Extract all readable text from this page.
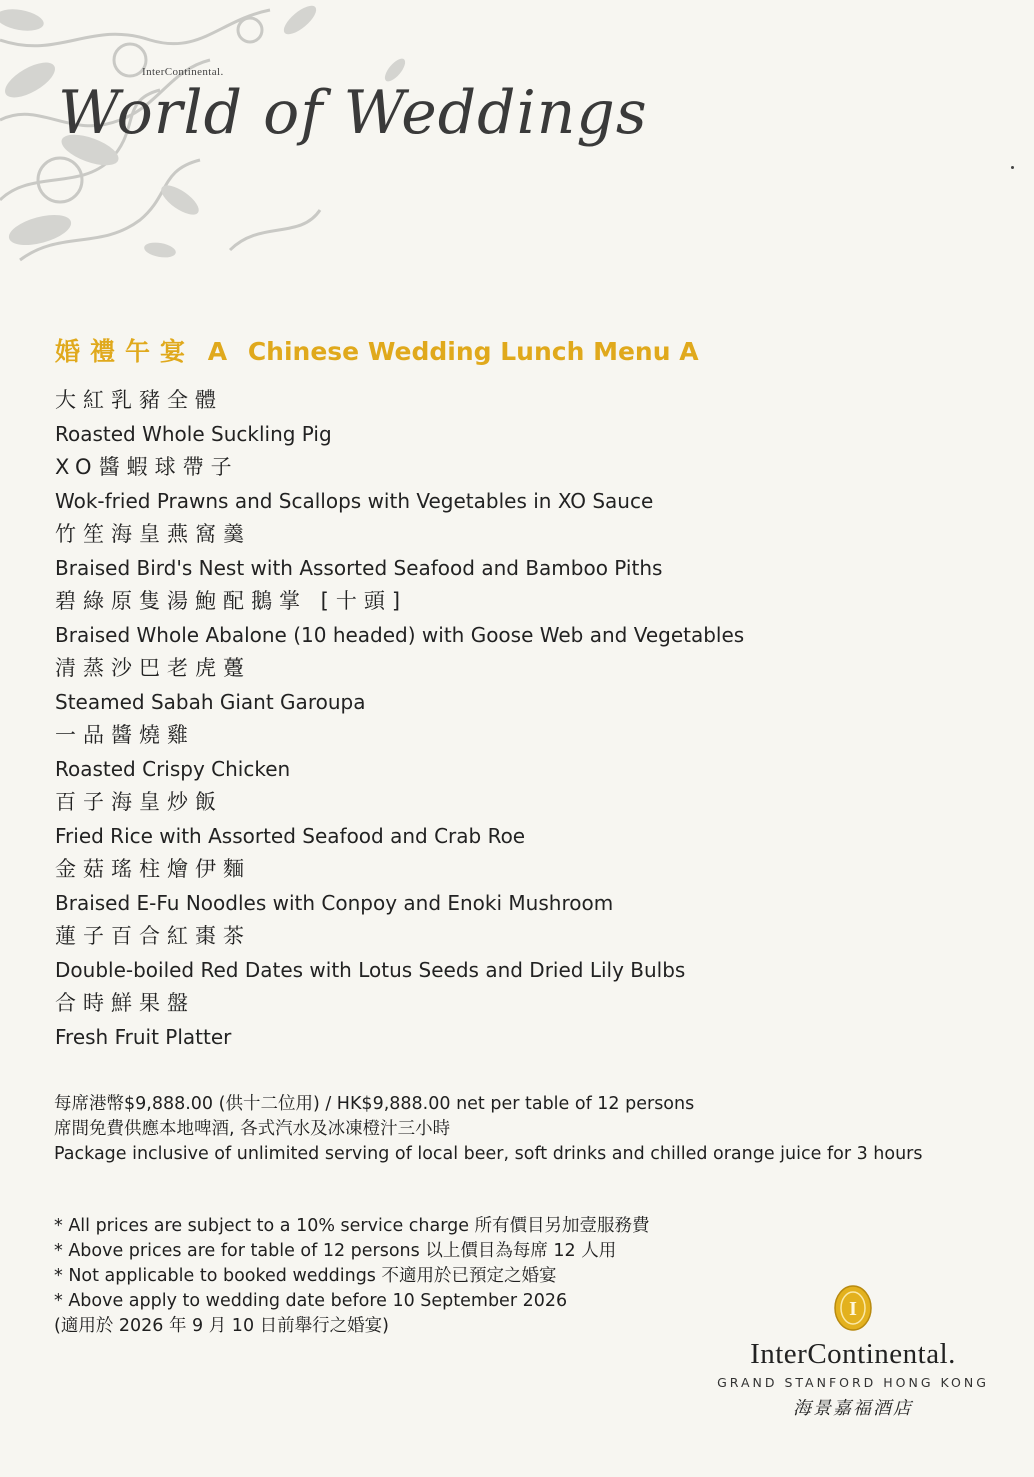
InterContinental.
World of Weddings
婚禮午宴 A Chinese Wedding Lunch Menu A
大紅乳豬全體
Roasted Whole Suckling Pig
XO醬蝦球帶子
Wok-fried Prawns and Scallops with Vegetables in XO Sauce
竹笙海皇燕窩羹
Braised Bird's Nest with Assorted Seafood and Bamboo Piths
碧綠原隻湯鮑配鵝掌 [十頭]
Braised Whole Abalone (10 headed) with Goose Web and Vegetables
清蒸沙巴老虎躉
Steamed Sabah Giant Garoupa
一品醬燒雞
Roasted Crispy Chicken
百子海皇炒飯
Fried Rice with Assorted Seafood and Crab Roe
金菇瑤柱燴伊麵
Braised E-Fu Noodles with Conpoy and Enoki Mushroom
蓮子百合紅棗茶
Double-boiled Red Dates with Lotus Seeds and Dried Lily Bulbs
合時鮮果盤
Fresh Fruit Platter
每席港幣$9,888.00 (供十二位用) / HK$9,888.00 net per table of 12 persons
席間免費供應本地啤酒, 各式汽水及冰凍橙汁三小時
Package inclusive of unlimited serving of local beer, soft drinks and chilled orange juice for 3 hours
* All prices are subject to a 10% service charge 所有價目另加壹服務費
* Above prices are for table of 12 persons 以上價目為每席 12 人用
* Not applicable to booked weddings 不適用於已預定之婚宴
* Above apply to wedding date before 10 September 2026
(適用於 2026 年 9 月 10 日前舉行之婚宴)
I
InterContinental.
GRAND STANFORD HONG KONG
海景嘉福酒店
